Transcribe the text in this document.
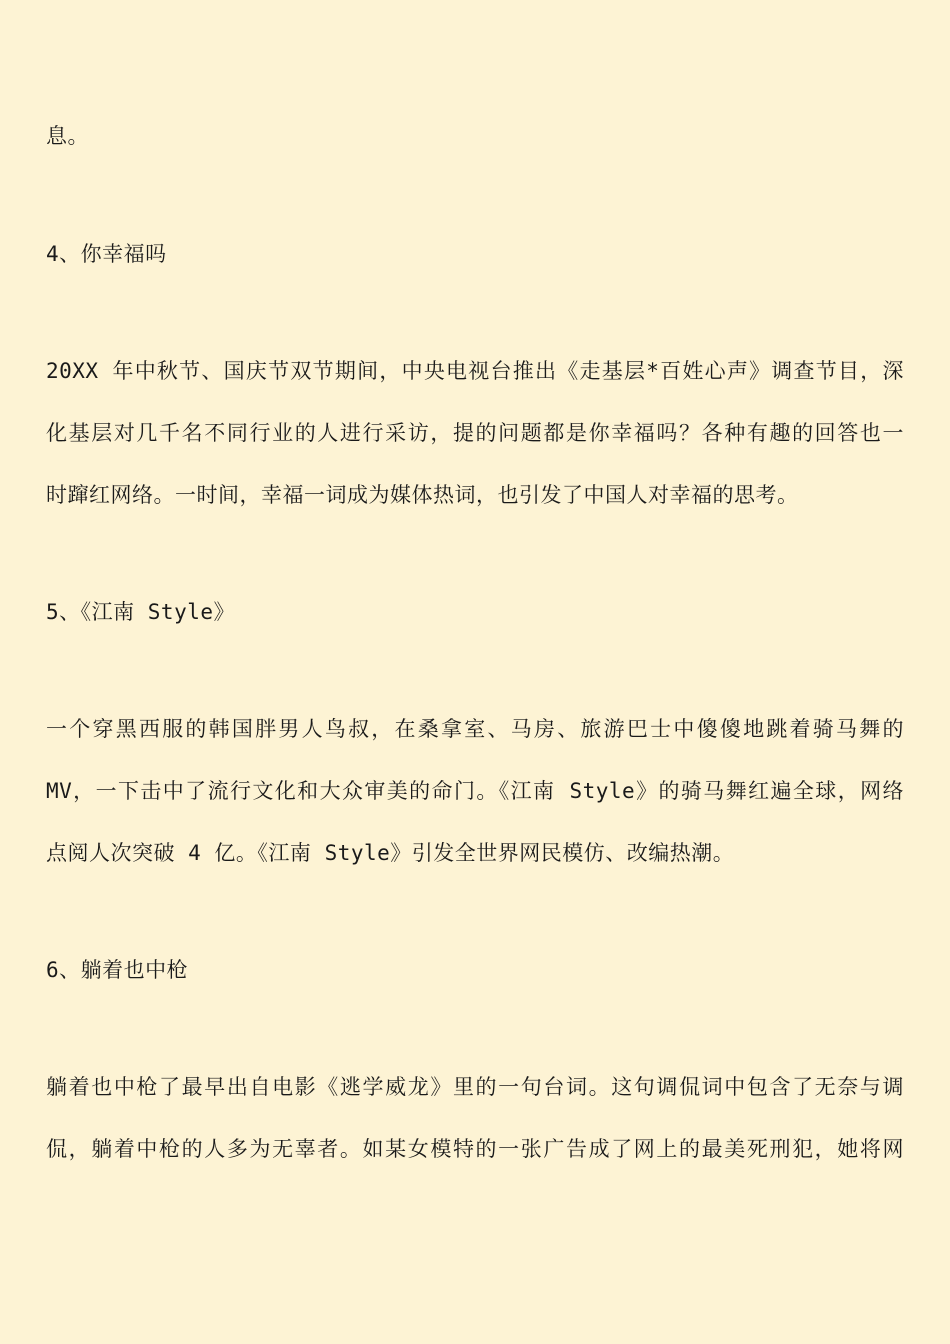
息。
4、你幸福吗
20XX 年中秋节、国庆节双节期间，中央电视台推出《走基层*百姓心声》调查节目，深
化基层对几千名不同行业的人进行采访，提的问题都是你幸福吗？各种有趣的回答也一
时蹿红网络。一时间，幸福一词成为媒体热词，也引发了中国人对幸福的思考。
5、《江南 Style》
一个穿黑西服的韩国胖男人鸟叔，在桑拿室、马房、旅游巴士中傻傻地跳着骑马舞的
MV，一下击中了流行文化和大众审美的命门。《江南 Style》的骑马舞红遍全球，网络
点阅人次突破 4 亿。《江南 Style》引发全世界网民模仿、改编热潮。
6、躺着也中枪
躺着也中枪了最早出自电影《逃学威龙》里的一句台词。这句调侃词中包含了无奈与调
侃，躺着中枪的人多为无辜者。如某女模特的一张广告成了网上的最美死刑犯，她将网
